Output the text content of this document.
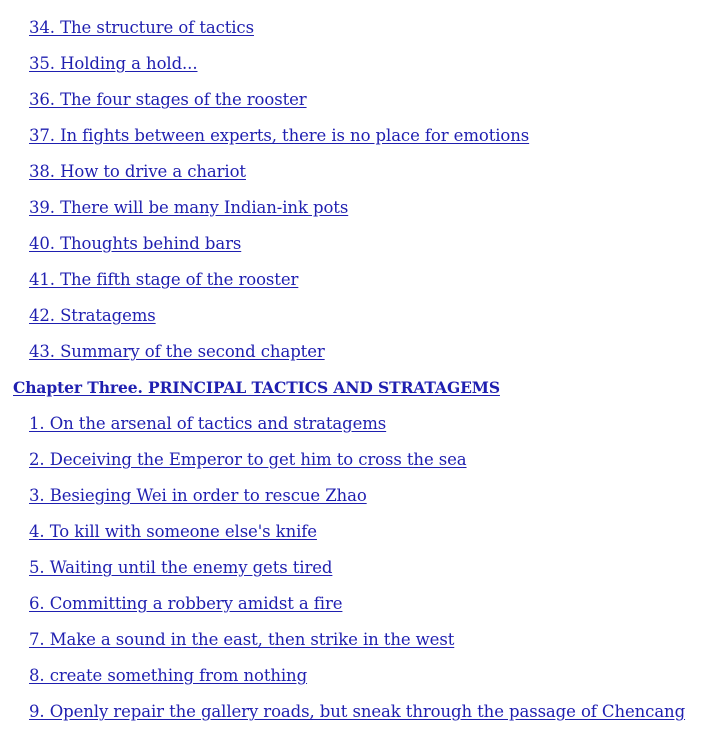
34. The structure of tactics
35. Holding a hold...
36. The four stages of the rooster
37. In fights between experts, there is no place for emotions
38. How to drive a chariot
39. There will be many Indian-ink pots
40. Thoughts behind bars
41. The fifth stage of the rooster
42. Stratagems
43. Summary of the second chapter
Chapter Three. PRINCIPAL TACTICS AND STRATAGEMS
1. On the arsenal of tactics and stratagems
2. Deceiving the Emperor to get him to cross the sea
3. Besieging Wei in order to rescue Zhao
4. To kill with someone else's knife
5. Waiting until the enemy gets tired
6. Committing a robbery amidst a fire
7. Make a sound in the east, then strike in the west
8. create something from nothing
9. Openly repair the gallery roads, but sneak through the passage of Chencang
